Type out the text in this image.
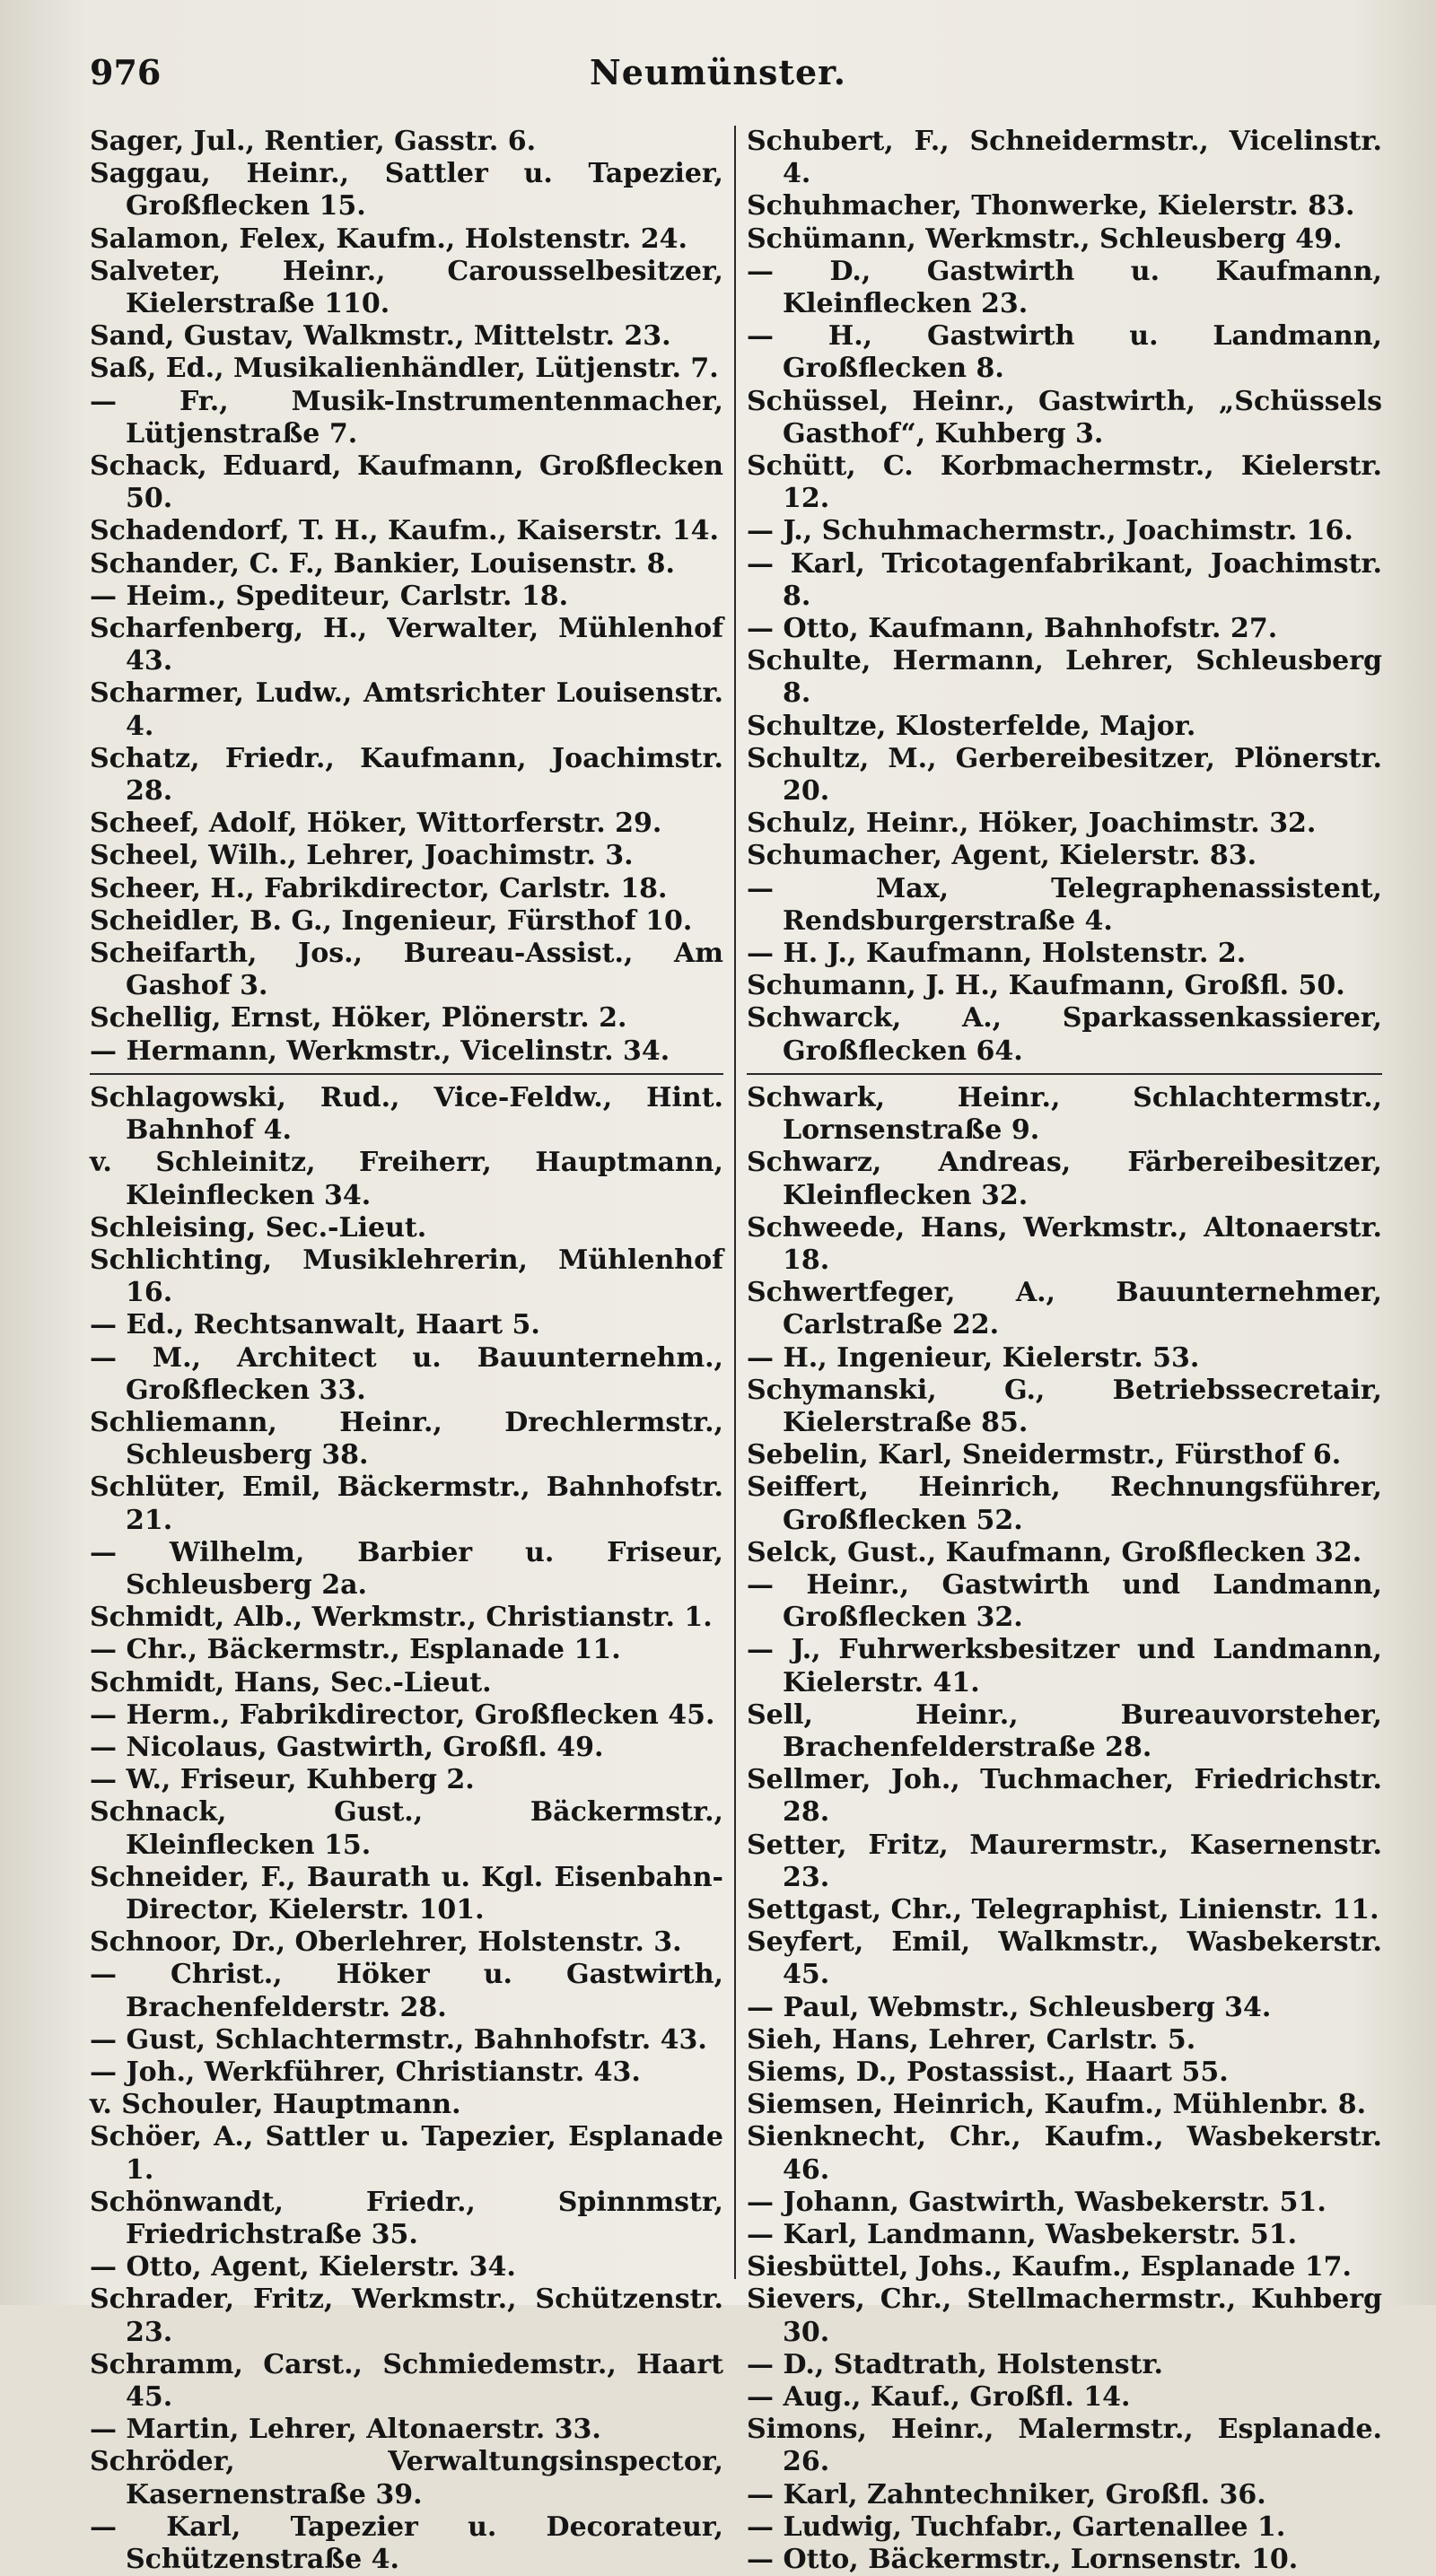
976	Neumünster.
Sager, Jul., Rentier, Gasstr. 6.
Saggau, Heinr., Sattler u. Tapezier, Großflecken 15.
Salamon, Felex, Kaufm., Holstenstr. 24.
Salveter, Heinr., Carousselbesitzer, Kielerstraße 110.
Sand, Gustav, Walkmstr., Mittelstr. 23.
Saß, Ed., Musikalienhändler, Lütjenstr. 7.
— Fr., Musik-Instrumentenmacher, Lütjenstraße 7.
Schack, Eduard, Kaufmann, Großflecken 50.
Schadendorf, T. H., Kaufm., Kaiserstr. 14.
Schander, C. F., Bankier, Louisenstr. 8.
— Heim., Spediteur, Carlstr. 18.
Scharfenberg, H., Verwalter, Mühlenhof 43.
Scharmer, Ludw., Amtsrichter Louisenstr. 4.
Schatz, Friedr., Kaufmann, Joachimstr. 28.
Scheef, Adolf, Höker, Wittorferstr. 29.
Scheel, Wilh., Lehrer, Joachimstr. 3.
Scheer, H., Fabrikdirector, Carlstr. 18.
Scheidler, B. G., Ingenieur, Fürsthof 10.
Scheifarth, Jos., Bureau-Assist., Am Gashof 3.
Schellig, Ernst, Höker, Plönerstr. 2.
— Hermann, Werkmstr., Vicelinstr. 34.
Schlagowski, Rud., Vice-Feldw., Hint. Bahnhof 4.
v. Schleinitz, Freiherr, Hauptmann, Kleinflecken 34.
Schleising, Sec.-Lieut.
Schlichting, Musiklehrerin, Mühlenhof 16.
— Ed., Rechtsanwalt, Haart 5.
— M., Architect u. Bauunternehm., Großflecken 33.
Schliemann, Heinr., Drechlermstr., Schleusberg 38.
Schlüter, Emil, Bäckermstr., Bahnhofstr. 21.
— Wilhelm, Barbier u. Friseur, Schleusberg 2a.
Schmidt, Alb., Werkmstr., Christianstr. 1.
— Chr., Bäckermstr., Esplanade 11.
Schmidt, Hans, Sec.-Lieut.
— Herm., Fabrikdirector, Großflecken 45.
— Nicolaus, Gastwirth, Großfl. 49.
— W., Friseur, Kuhberg 2.
Schnack, Gust., Bäckermstr., Kleinflecken 15.
Schneider, F., Baurath u. Kgl. Eisenbahn-Director, Kielerstr. 101.
Schnoor, Dr., Oberlehrer, Holstenstr. 3.
— Christ., Höker u. Gastwirth, Brachenfelderstr. 28.
— Gust, Schlachtermstr., Bahnhofstr. 43.
— Joh., Werkführer, Christianstr. 43.
v. Schouler, Hauptmann.
Schöer, A., Sattler u. Tapezier, Esplanade 1.
Schönwandt, Friedr., Spinnmstr, Friedrichstraße 35.
— Otto, Agent, Kielerstr. 34.
Schrader, Fritz, Werkmstr., Schützenstr. 23.
Schramm, Carst., Schmiedemstr., Haart 45.
— Martin, Lehrer, Altonaerstr. 33.
Schröder, Verwaltungsinspector, Kasernenstraße 39.
— Karl, Tapezier u. Decorateur, Schützenstraße 4.
Schubert, F., Schneidermstr., Vicelinstr. 4.
Schuhmacher, Thonwerke, Kielerstr. 83.
Schümann, Werkmstr., Schleusberg 49.
— D., Gastwirth u. Kaufmann, Kleinflecken 23.
— H., Gastwirth u. Landmann, Großflecken 8.
Schüssel, Heinr., Gastwirth, „Schüssels Gasthof“, Kuhberg 3.
Schütt, C. Korbmachermstr., Kielerstr. 12.
— J., Schuhmachermstr., Joachimstr. 16.
— Karl, Tricotagenfabrikant, Joachimstr. 8.
— Otto, Kaufmann, Bahnhofstr. 27.
Schulte, Hermann, Lehrer, Schleusberg 8.
Schultze, Klosterfelde, Major.
Schultz, M., Gerbereibesitzer, Plönerstr. 20.
Schulz, Heinr., Höker, Joachimstr. 32.
Schumacher, Agent, Kielerstr. 83.
— Max, Telegraphenassistent, Rendsburgerstraße 4.
— H. J., Kaufmann, Holstenstr. 2.
Schumann, J. H., Kaufmann, Großfl. 50.
Schwarck, A., Sparkassenkassierer, Großflecken 64.
Schwark, Heinr., Schlachtermstr., Lornsenstraße 9.
Schwarz, Andreas, Färbereibesitzer, Kleinflecken 32.
Schweede, Hans, Werkmstr., Altonaerstr. 18.
Schwertfeger, A., Bauunternehmer, Carlstraße 22.
— H., Ingenieur, Kielerstr. 53.
Schymanski, G., Betriebssecretair, Kielerstraße 85.
Sebelin, Karl, Sneidermstr., Fürsthof 6.
Seiffert, Heinrich, Rechnungsführer, Großflecken 52.
Selck, Gust., Kaufmann, Großflecken 32.
— Heinr., Gastwirth und Landmann, Großflecken 32.
— J., Fuhrwerksbesitzer und Landmann, Kielerstr. 41.
Sell, Heinr., Bureauvorsteher, Brachenfelderstraße 28.
Sellmer, Joh., Tuchmacher, Friedrichstr. 28.
Setter, Fritz, Maurermstr., Kasernenstr. 23.
Settgast, Chr., Telegraphist, Linienstr. 11.
Seyfert, Emil, Walkmstr., Wasbekerstr. 45.
— Paul, Webmstr., Schleusberg 34.
Sieh, Hans, Lehrer, Carlstr. 5.
Siems, D., Postassist., Haart 55.
Siemsen, Heinrich, Kaufm., Mühlenbr. 8.
Sienknecht, Chr., Kaufm., Wasbekerstr. 46.
— Johann, Gastwirth, Wasbekerstr. 51.
— Karl, Landmann, Wasbekerstr. 51.
Siesbüttel, Johs., Kaufm., Esplanade 17.
Sievers, Chr., Stellmachermstr., Kuhberg 30.
— D., Stadtrath, Holstenstr.
— Aug., Kauf., Großfl. 14.
Simons, Heinr., Malermstr., Esplanade. 26.
— Karl, Zahntechniker, Großfl. 36.
— Ludwig, Tuchfabr., Gartenallee 1.
— Otto, Bäckermstr., Lornsenstr. 10.
